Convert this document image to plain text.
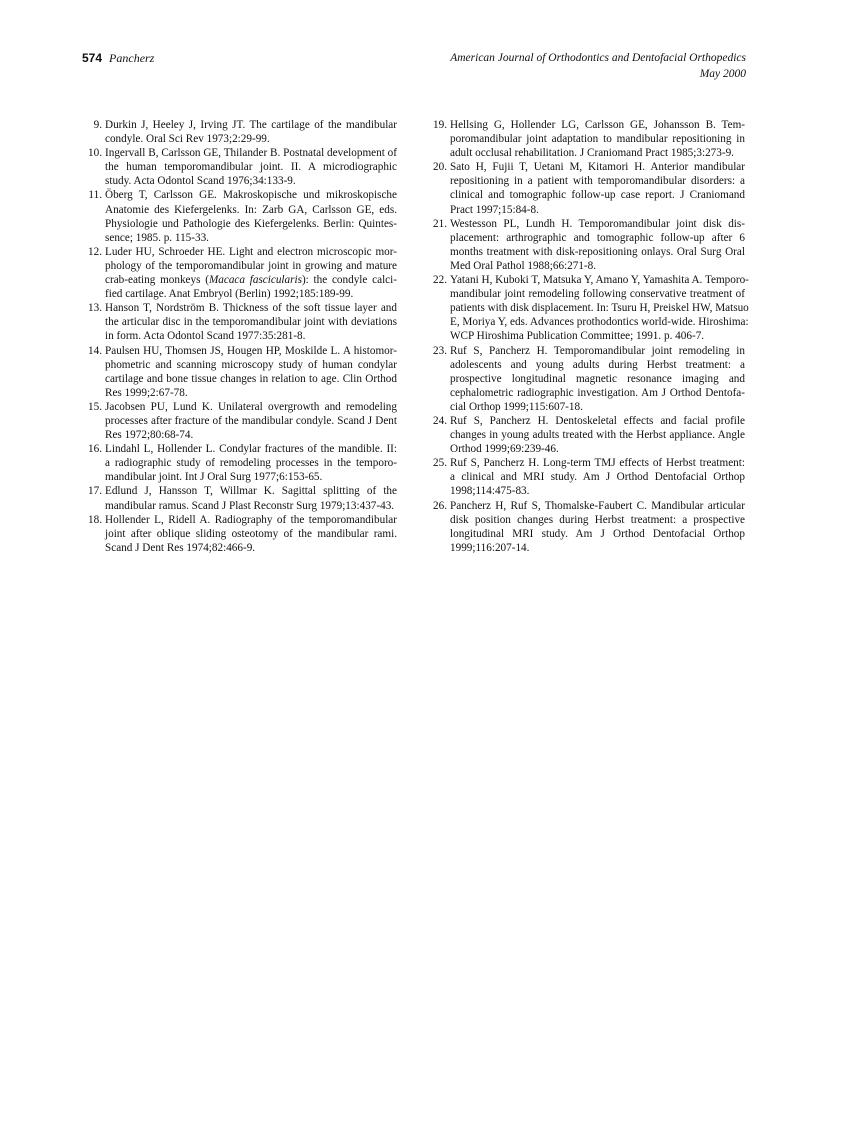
574 Pancherz	American Journal of Orthodontics and Dentofacial Orthopedics
May 2000
9. Durkin J, Heeley J, Irving JT. The cartilage of the mandibular
condyle. Oral Sci Rev 1973;2:29-99.
10. Ingervall B, Carlsson GE, Thilander B. Postnatal development of
the human temporomandibular joint. II. A microdiographic
study. Acta Odontol Scand 1976;34:133-9.
11. Öberg T, Carlsson GE. Makroskopische und mikroskopische
Anatomie des Kiefergelenks. In: Zarb GA, Carlsson GE, eds.
Physiologie und Pathologie des Kiefergelenks. Berlin: Quintes-
sence; 1985. p. 115-33.
12. Luder HU, Schroeder HE. Light and electron microscopic mor-
phology of the temporomandibular joint in growing and mature
crab-eating monkeys (Macaca fascicularis): the condyle calci-
fied cartilage. Anat Embryol (Berlin) 1992;185:189-99.
13. Hanson T, Nordström B. Thickness of the soft tissue layer and
the articular disc in the temporomandibular joint with deviations
in form. Acta Odontol Scand 1977:35:281-8.
14. Paulsen HU, Thomsen JS, Hougen HP, Moskilde L. A histomor-
phometric and scanning microscopy study of human condylar
cartilage and bone tissue changes in relation to age. Clin Orthod
Res 1999;2:67-78.
15. Jacobsen PU, Lund K. Unilateral overgrowth and remodeling
processes after fracture of the mandibular condyle. Scand J Dent
Res 1972;80:68-74.
16. Lindahl L, Hollender L. Condylar fractures of the mandible. II:
a radiographic study of remodeling processes in the temporo-
mandibular joint. Int J Oral Surg 1977;6:153-65.
17. Edlund J, Hansson T, Willmar K. Sagittal splitting of the
mandibular ramus. Scand J Plast Reconstr Surg 1979;13:437-43.
18. Hollender L, Ridell A. Radiography of the temporomandibular
joint after oblique sliding osteotomy of the mandibular rami.
Scand J Dent Res 1974;82:466-9.
19. Hellsing G, Hollender LG, Carlsson GE, Johansson B. Tem-
poromandibular joint adaptation to mandibular repositioning in
adult occlusal rehabilitation. J Craniomand Pract 1985;3:273-9.
20. Sato H, Fujii T, Uetani M, Kitamori H. Anterior mandibular
repositioning in a patient with temporomandibular disorders: a
clinical and tomographic follow-up case report. J Craniomand
Pract 1997;15:84-8.
21. Westesson PL, Lundh H. Temporomandibular joint disk dis-
placement: arthrographic and tomographic follow-up after 6
months treatment with disk-repositioning onlays. Oral Surg Oral
Med Oral Pathol 1988;66:271-8.
22. Yatani H, Kuboki T, Matsuka Y, Amano Y, Yamashita A. Temporo-
mandibular joint remodeling following conservative treatment of
patients with disk displacement. In: Tsuru H, Preiskel HW, Matsuo
E, Moriya Y, eds. Advances prothodontics world-wide. Hiroshima:
WCP Hiroshima Publication Committee; 1991. p. 406-7.
23. Ruf S, Pancherz H. Temporomandibular joint remodeling in
adolescents and young adults during Herbst treatment: a
prospective longitudinal magnetic resonance imaging and
cephalometric radiographic investigation. Am J Orthod Dentofa-
cial Orthop 1999;115:607-18.
24. Ruf S, Pancherz H. Dentoskeletal effects and facial profile
changes in young adults treated with the Herbst appliance. Angle
Orthod 1999;69:239-46.
25. Ruf S, Pancherz H. Long-term TMJ effects of Herbst treatment:
a clinical and MRI study. Am J Orthod Dentofacial Orthop
1998;114:475-83.
26. Pancherz H, Ruf S, Thomalske-Faubert C. Mandibular articular
disk position changes during Herbst treatment: a prospective
longitudinal MRI study. Am J Orthod Dentofacial Orthop
1999;116:207-14.
